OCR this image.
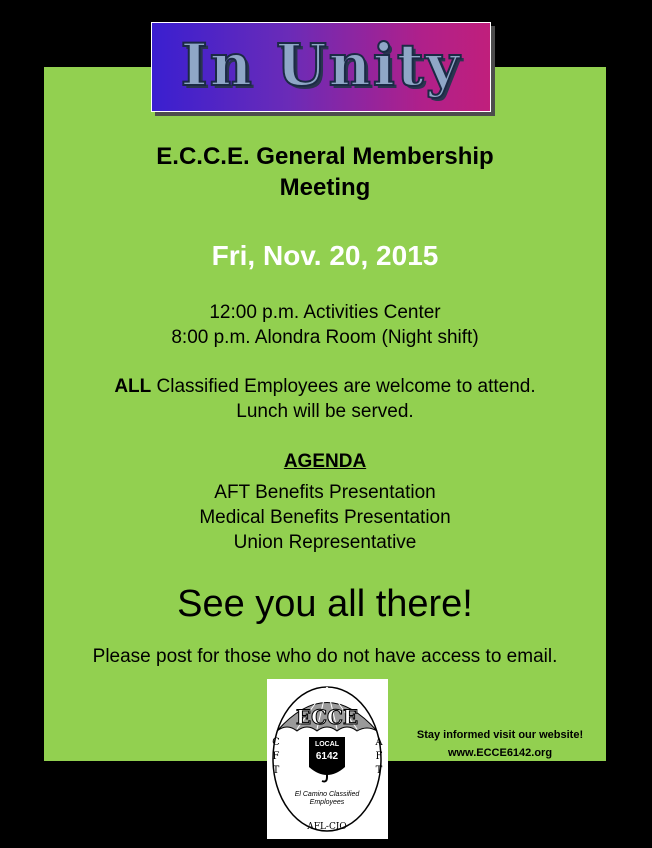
In Unity
E.C.C.E. General Membership
Meeting
Fri, Nov. 20, 2015
12:00 p.m. Activities Center
8:00 p.m. Alondra Room (Night shift)
ALL Classified Employees are welcome to attend.
Lunch will be served.
AGENDA
AFT Benefits Presentation
Medical Benefits Presentation
Union Representative
See you all there!
Please post for those who do not have access to email.
ECCE
LOCAL
6142
C
F
T
A
F
T
El Camino Classified
Employees
AFL-CIO
Stay informed visit our website!
www.ECCE6142.org
